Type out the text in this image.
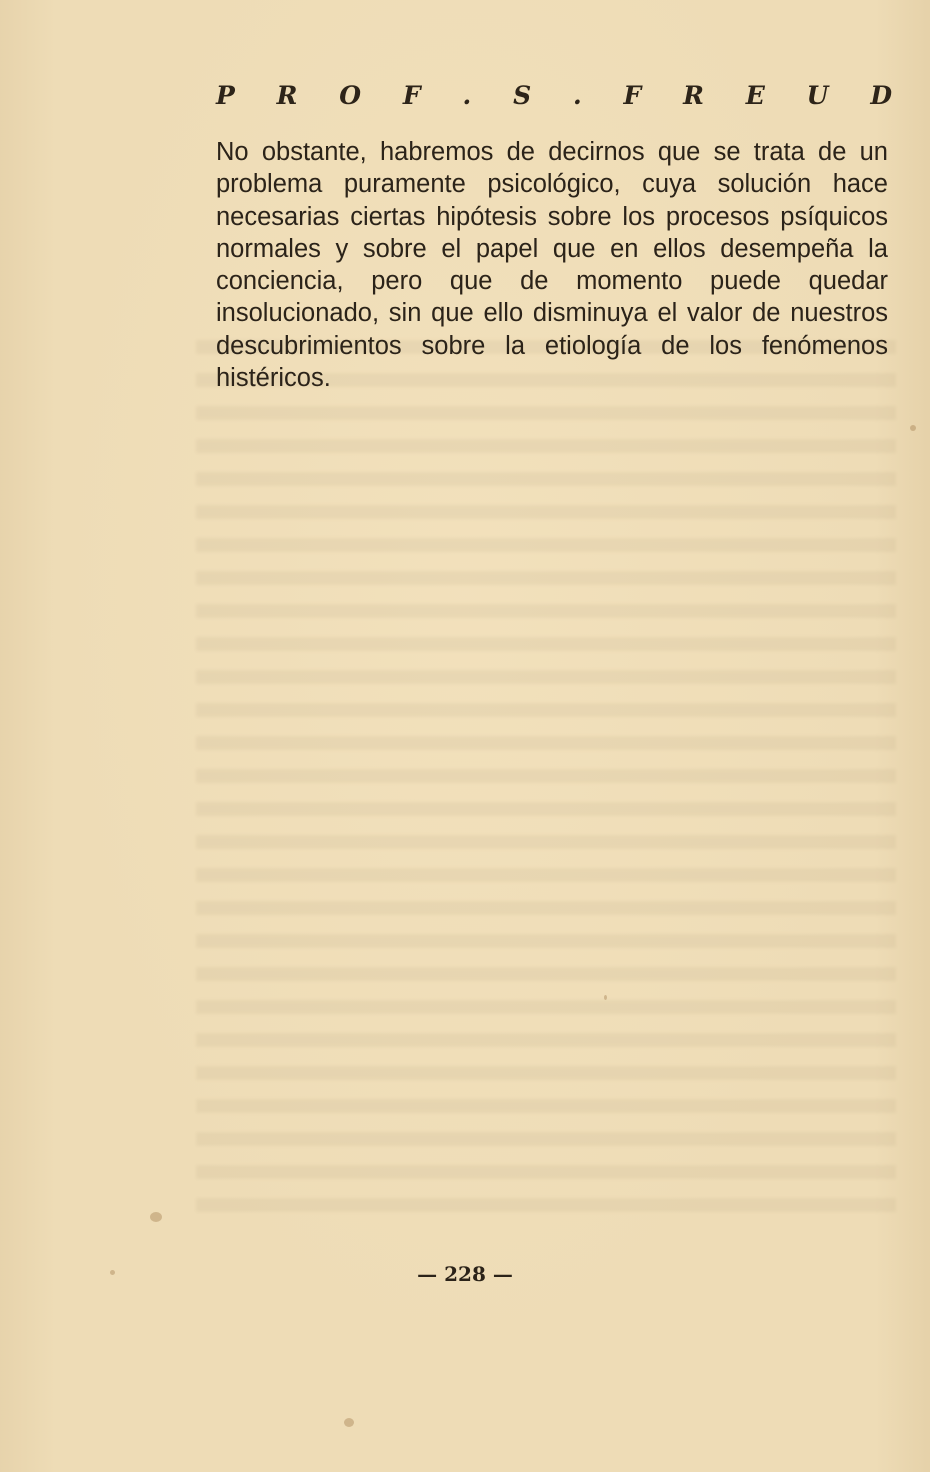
P R O F . S . F R E U D

No obstante, habremos de decirnos que se trata de un problema puramente psicológico, cuya solución hace necesarias ciertas hipótesis sobre los procesos psíquicos normales y sobre el papel que en ellos desempeña la conciencia, pero que de momento puede quedar insolucionado, sin que ello disminuya el valor de nuestros descubrimientos sobre la etiología de los fenómenos histéricos.

— 228 —
